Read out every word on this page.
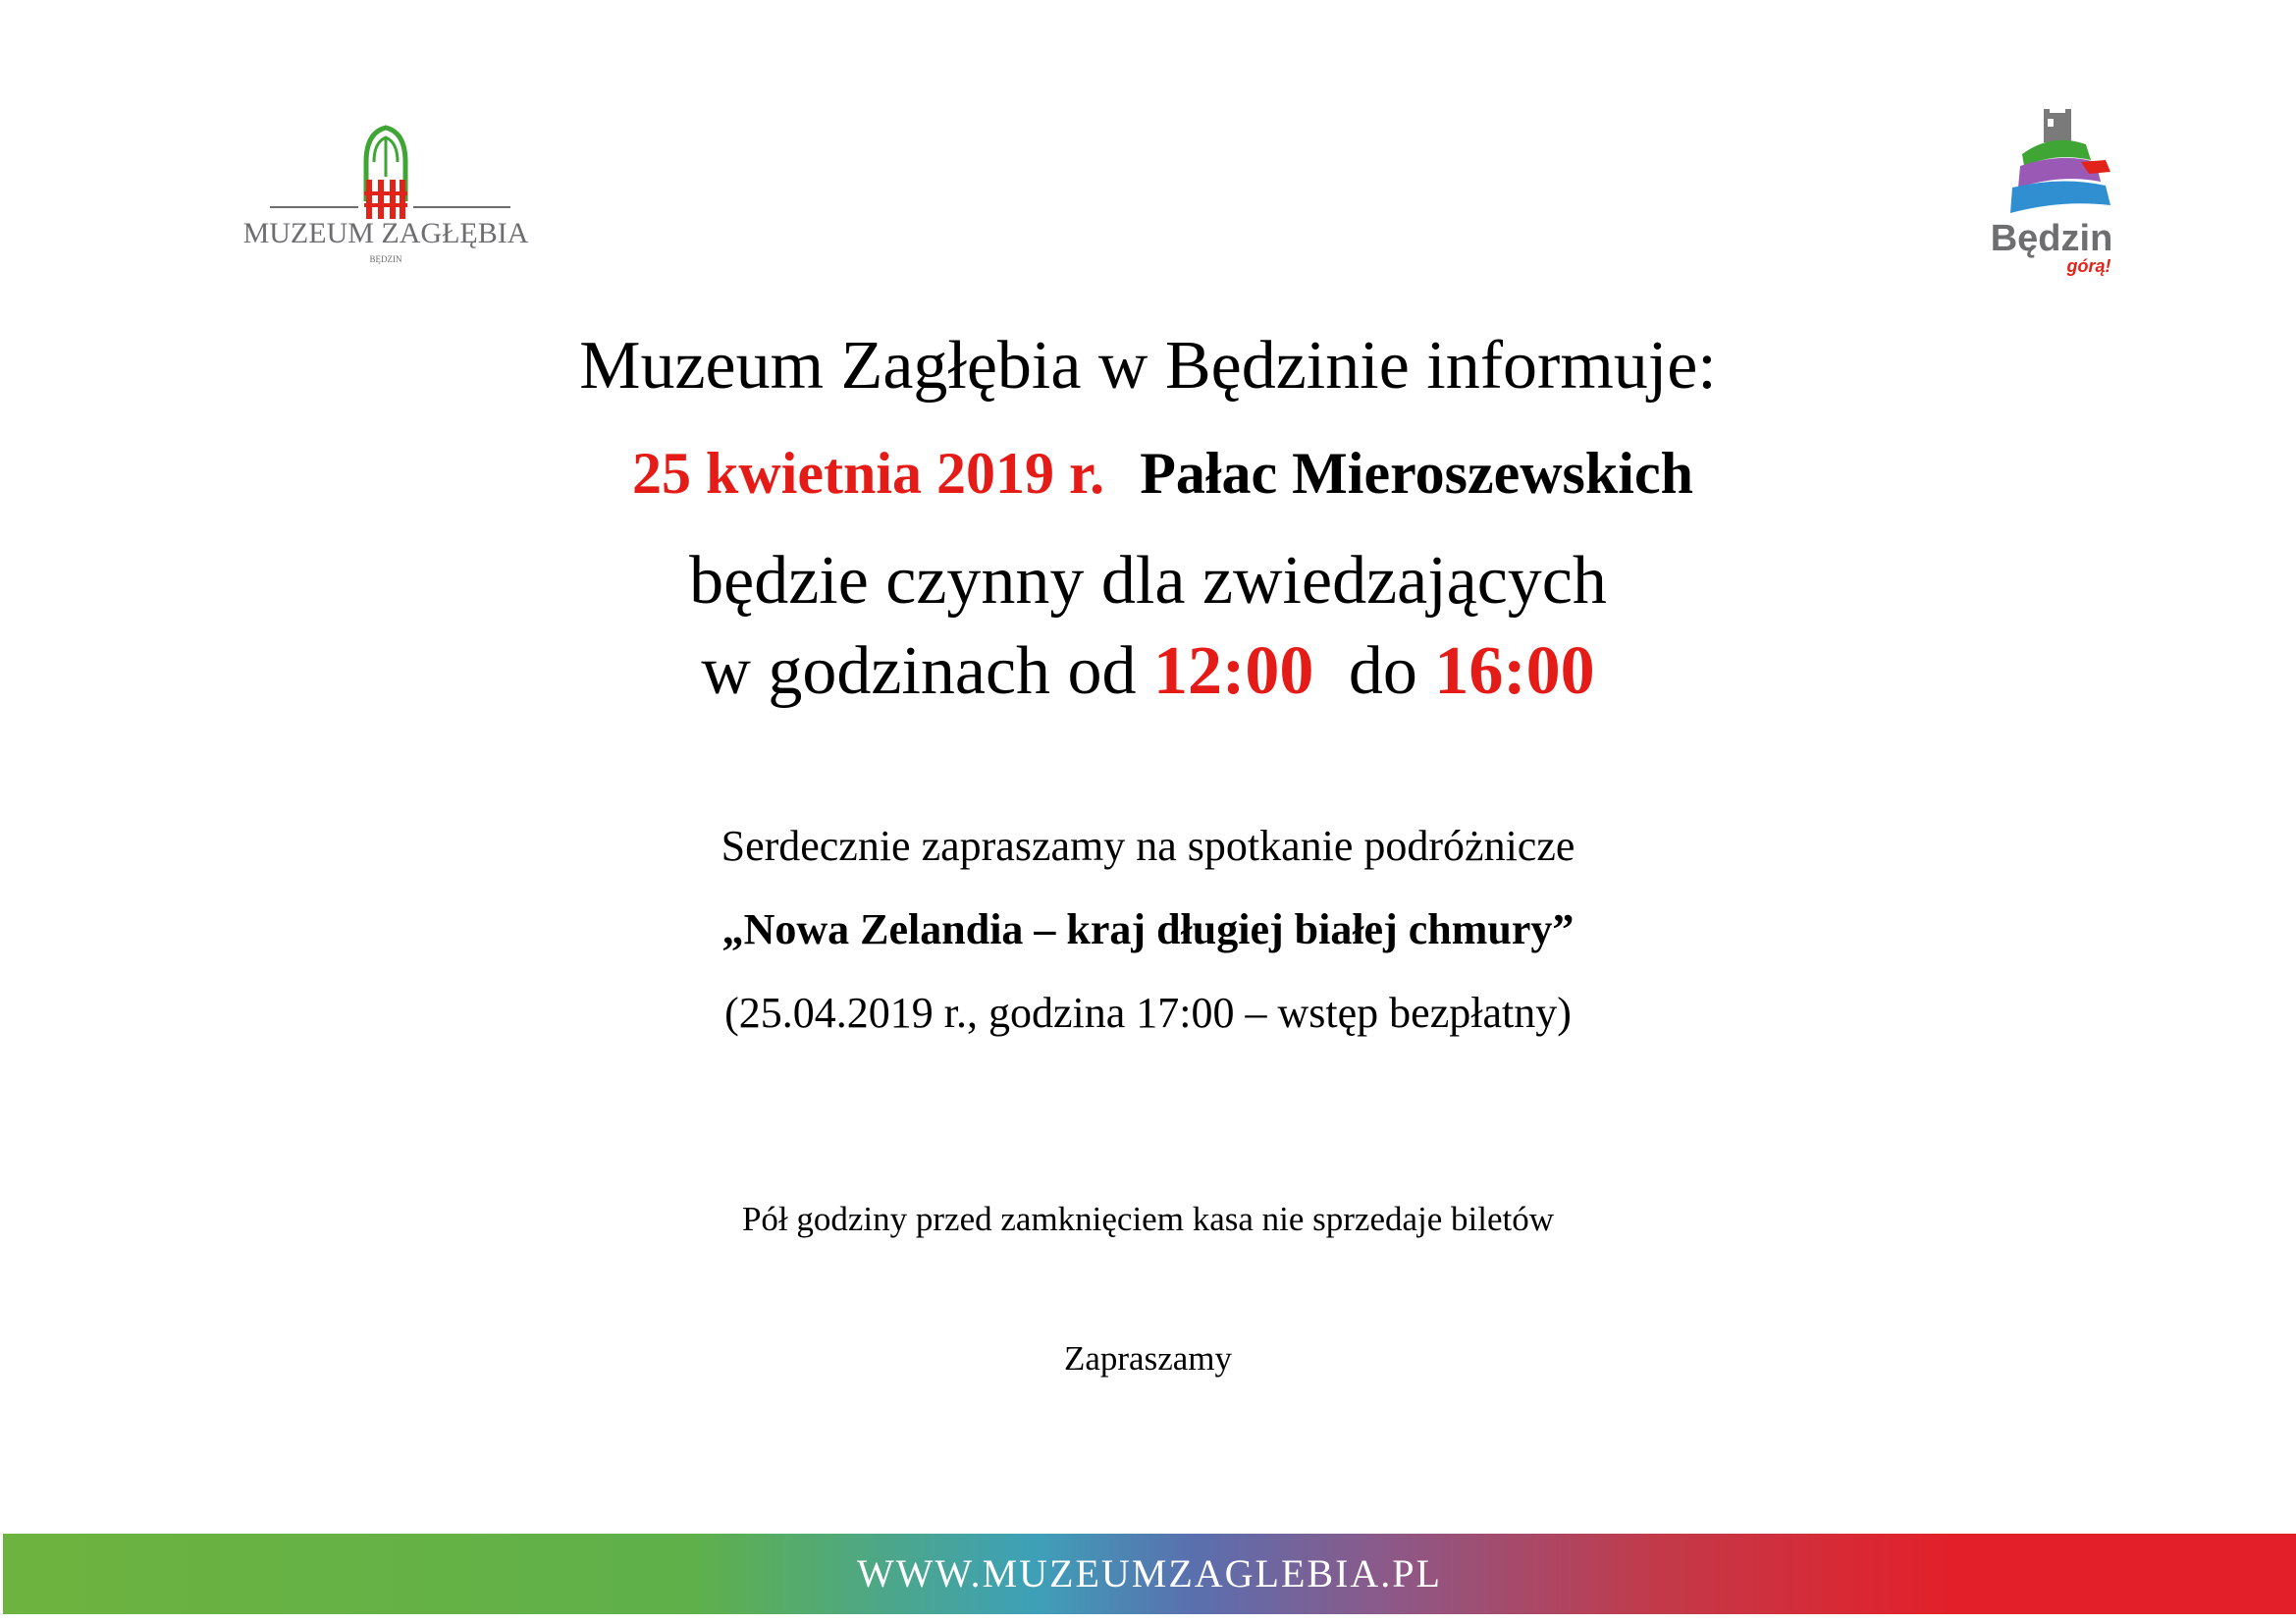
MUZEUM ZAGŁĘBIA
BĘDZIN	Będzin
górą!
Muzeum Zagłębia w Będzinie informuje:
25 kwietnia 2019 r. Pałac Mieroszewskich
będzie czynny dla zwiedzających
w godzinach od 12:00 do 16:00
Serdecznie zapraszamy na spotkanie podróżnicze
„Nowa Zelandia – kraj długiej białej chmury”
(25.04.2019 r., godzina 17:00 – wstęp bezpłatny)
Pół godziny przed zamknięciem kasa nie sprzedaje biletów
Zapraszamy
WWW.MUZEUMZAGLEBIA.PL
